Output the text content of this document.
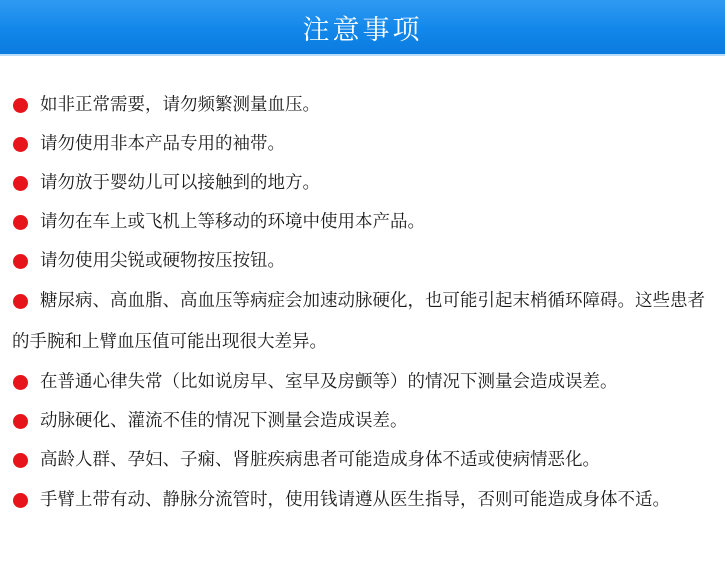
注意事项
如非正常需要，请勿频繁测量血压。
请勿使用非本产品专用的袖带。
请勿放于婴幼儿可以接触到的地方。
请勿在车上或飞机上等移动的环境中使用本产品。
请勿使用尖锐或硬物按压按钮。
糖尿病、高血脂、高血压等病症会加速动脉硬化，也可能引起末梢循环障碍。这些患者的手腕和上臂血压值可能出现很大差异。
在普通心律失常（比如说房早、室早及房颤等）的情况下测量会造成误差。
动脉硬化、灌流不佳的情况下测量会造成误差。
高龄人群、孕妇、子痫、肾脏疾病患者可能造成身体不适或使病情恶化。
手臂上带有动、静脉分流管时，使用钱请遵从医生指导，否则可能造成身体不适。
